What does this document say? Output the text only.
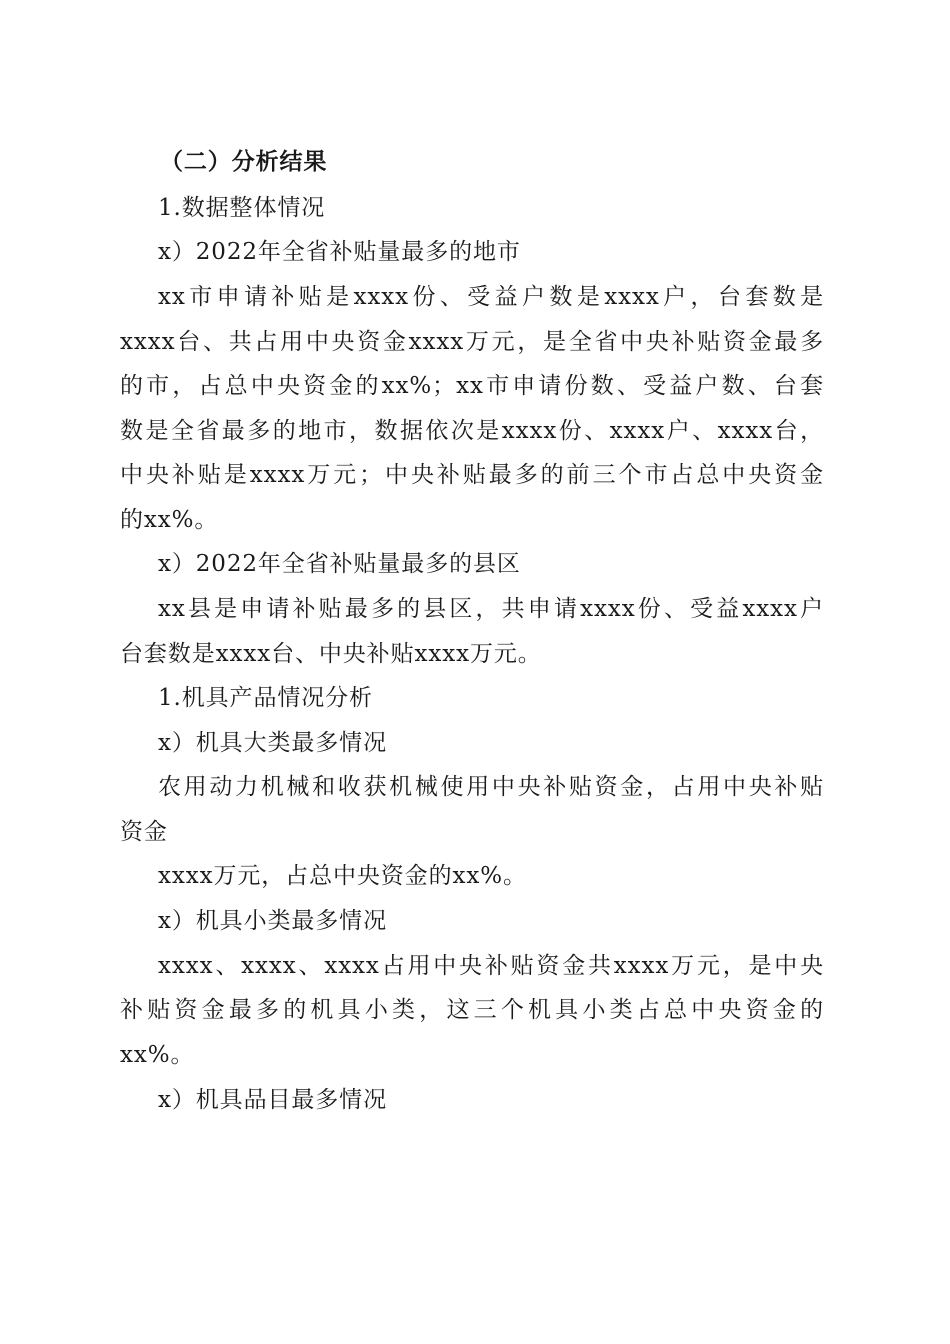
（二）分析结果
1.数据整体情况
x）2022年全省补贴量最多的地市
xx市申请补贴是xxxx份、受益户数是xxxx户，台套数是
xxxx台、共占用中央资金xxxx万元，是全省中央补贴资金最多
的市，占总中央资金的xx%；xx市申请份数、受益户数、台套
数是全省最多的地市，数据依次是xxxx份、xxxx户、xxxx台，
中央补贴是xxxx万元；中央补贴最多的前三个市占总中央资金
的xx%。
x）2022年全省补贴量最多的县区
xx县是申请补贴最多的县区，共申请xxxx份、受益xxxx户
台套数是xxxx台、中央补贴xxxx万元。
1.机具产品情况分析
x）机具大类最多情况
农用动力机械和收获机械使用中央补贴资金，占用中央补贴
资金
xxxx万元，占总中央资金的xx%。
x）机具小类最多情况
xxxx、xxxx、xxxx占用中央补贴资金共xxxx万元，是中央
补贴资金最多的机具小类，这三个机具小类占总中央资金的
xx%。
x）机具品目最多情况
